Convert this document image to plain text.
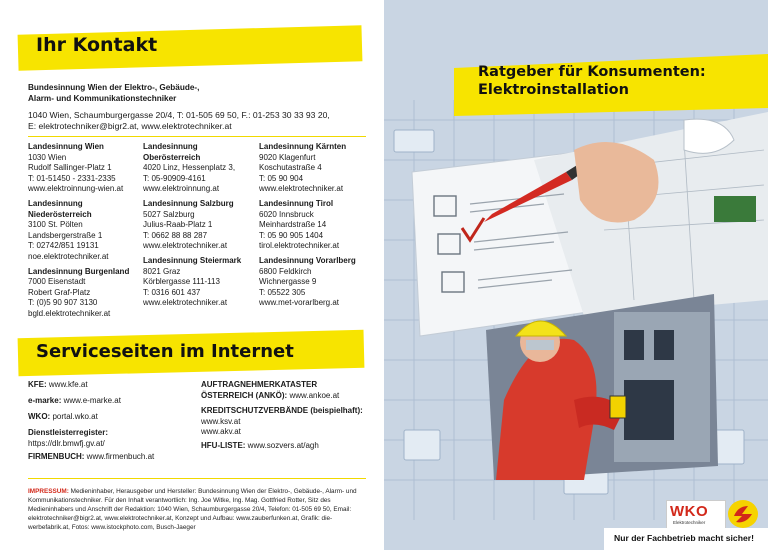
Ihr Kontakt
Bundesinnung Wien der Elektro-, Gebäude-,
Alarm- und Kommunikationstechniker
1040 Wien, Schaumburgergasse 20/4, T: 01-505 69 50, F.: 01-253 30 33 93 20,
E: elektrotechniker@bigr2.at, www.elektrotechniker.at
Landesinnung Wien
1030 Wien
Rudolf Sallinger-Platz 1
T: 01-51450 - 2331-2335
www.elektroinnung-wien.at
Landesinnung
Niederösterreich
3100 St. Pölten
Landsbergerstraße 1
T: 02742/851 19131
noe.elektrotechniker.at
Landesinnung Burgenland
7000 Eisenstadt
Robert Graf-Platz
T: (0)5 90 907 3130
bgld.elektrotechniker.at
Landesinnung
Oberösterreich
4020 Linz, Hessenplatz 3,
T: 05-90909-4161
www.elektroinnung.at
Landesinnung Salzburg
5027 Salzburg
Julius-Raab-Platz 1
T: 0662 88 88 287
www.elektrotechniker.at
Landesinnung Steiermark
8021 Graz
Körblergasse 111-113
T: 0316 601 437
www.elektrotechniker.at
Landesinnung Kärnten
9020 Klagenfurt
Koschutastraße 4
T: 05 90 904
www.elektrotechniker.at
Landesinnung Tirol
6020 Innsbruck
Meinhardstraße 14
T: 05 90 905 1404
tirol.elektrotechniker.at
Landesinnung Vorarlberg
6800 Feldkirch
Wichnergasse 9
T: 05522 305
www.met-vorarlberg.at
Serviceseiten im Internet
KFE: www.kfe.at
e-marke: www.e-marke.at
WKO: portal.wko.at
Dienstleisterregister:
https://dlr.bmwfj.gv.at/
FIRMENBUCH: www.firmenbuch.at
AUFTRAGNEHMERKATASTER
ÖSTERREICH (ANKÖ): www.ankoe.at
KREDITSCHUTZVERBÄNDE (beispielhaft):
www.ksv.at
www.akv.at
HFU-LISTE: www.sozvers.at/agh
IMPRESSUM: Medieninhaber, Herausgeber und Hersteller: Bundesinnung Wien der Elektro-, Gebäude-, Alarm- und Kommunikationstechniker. Für den Inhalt verantwortlich: Ing. Joe Witke, Ing. Mag. Gottfried Rotter, Sitz des Medieninhabers und Anschrift der Redaktion: 1040 Wien, Schaumburgergasse 20/4, Telefon: 01-505 69 50, Email: elektrotechniker@bigr2.at, www.elektrotechniker.at, Konzept und Aufbau: www.zauberfunken.at, Grafik: die-werbefabrik.at, Fotos: www.istockphoto.com, Busch-Jaeger
Ratgeber für Konsumenten:
Elektroinstallation
WKO
Elektrotechniker
Nur der Fachbetrieb macht sicher!
